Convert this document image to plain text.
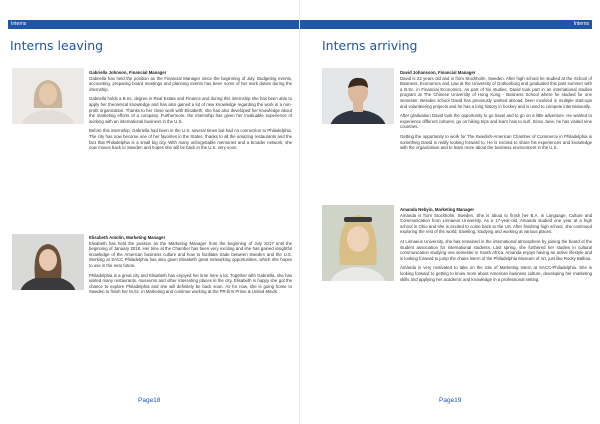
Interns
Interns leaving

Gabriella Johnson, Financial Manager
Gabriella has held the position as the Financial Manager since the beginning of July. Budgeting events, accounting, preparing board meetings and planning events has been some of her work duties during the internship.

Gabriella holds a B.Sc. degree in Real Estate and Finance and during this internship she has been able to apply her theoretical knowledge and has also gained a lot of new knowledge regarding the work in a non-profit organization. Thanks to her close work with Elisabeth, she has also developed her knowledge about the marketing efforts of a company. Furthermore, the internship has given her invaluable experience of working with an international business in the U.S.

Before this internship, Gabriella had been in the U.S. several times but had no connection to Philadelphia. The city has now become one of her favorites in the States, thanks to all the amazing restaurants and the fact that Philadelphia is a small big city. With many unforgettable memories and a broader network, she now moves back to Sweden and hopes she will be back in the U.S. very soon.

Elisabeth Amolin, Marketing Manager
Elisabeth has held the position as the Marketing Manager from the beginning of July 2017 until the beginning of January 2018. Her time at the Chamber has been very exciting and she has gained insightful knowledge of the American business culture and how to facilitate trade between Sweden and the U.S. Working at SACC Philadelphia has also given Elisabeth great networking opportunities, which she hopes to use in the near future.

Philadelphia is a great city and Elisabeth has enjoyed her time here a lot. Together with Gabriella, she has visited many restaurants, museums and other interesting places in the city. Elisabeth is happy she got the chance to explore Philadelphia and she will definitely be back soon. As for now, she is going home to Sweden to finish her M.Sc. in Marketing and continue working at the PR-firm Prime & United Minds.

Page18
Interns
Interns arriving

David Johansson, Financial Manager
David is 22 years old and is from Stockholm, Sweden. After high school he studied at the School of Business, Economics and Law at the University of Gothenburg and graduated this past summer with a B.Sc. in Financial Economics. As part of his studies, David took part in an international studies program at The Chinese University of Hong Kong - Business School where he studied for one semester. Besides school David has previously worked abroad, been involved in multiple start-ups and volunteering projects and he has a long history in hockey and is used to compete internationally.

After graduation David took the opportunity to go travel and to go on a little adventure. He wanted to experience different cultures, go on hiking trips and learn how to surf. Since June, he has visited nine countries.

Getting the opportunity to work for The Swedish-American Chamber of Commerce in Philadelphia is something David is really looking forward to. He is excited to share his experiences and knowledge with the organization and to learn more about the business environment in the U.S.

Amanda Nebyin, Marketing Manager
Amanda is from Stockholm, Sweden. She is about to finish her B.A. in Language, Culture and Communication from Linnaeus University. As a 17-year-old, Amanda studied one year at a high school in Ohio and she is excited to come back to the US. After finishing high school, she continued exploring the rest of the world; traveling, studying and working at various places.

At Linnaeus University, she has remained in the international atmosphere by joining the board of the student association for international students. Last spring, she furthered her studies in cultural communication studying one semester in South Africa. Amanda enjoys having an active lifestyle and is looking forward to jump the chairs intern of the Philadelphia Museum of Art, just like Rocky Balboa.

Amanda is very motivated to take on the role of Marketing Intern at SACC-Philadelphia. She is looking forward to getting to know more about American business culture, developing her marketing skills and applying her academic and knowledge in a professional setting.

Page19
